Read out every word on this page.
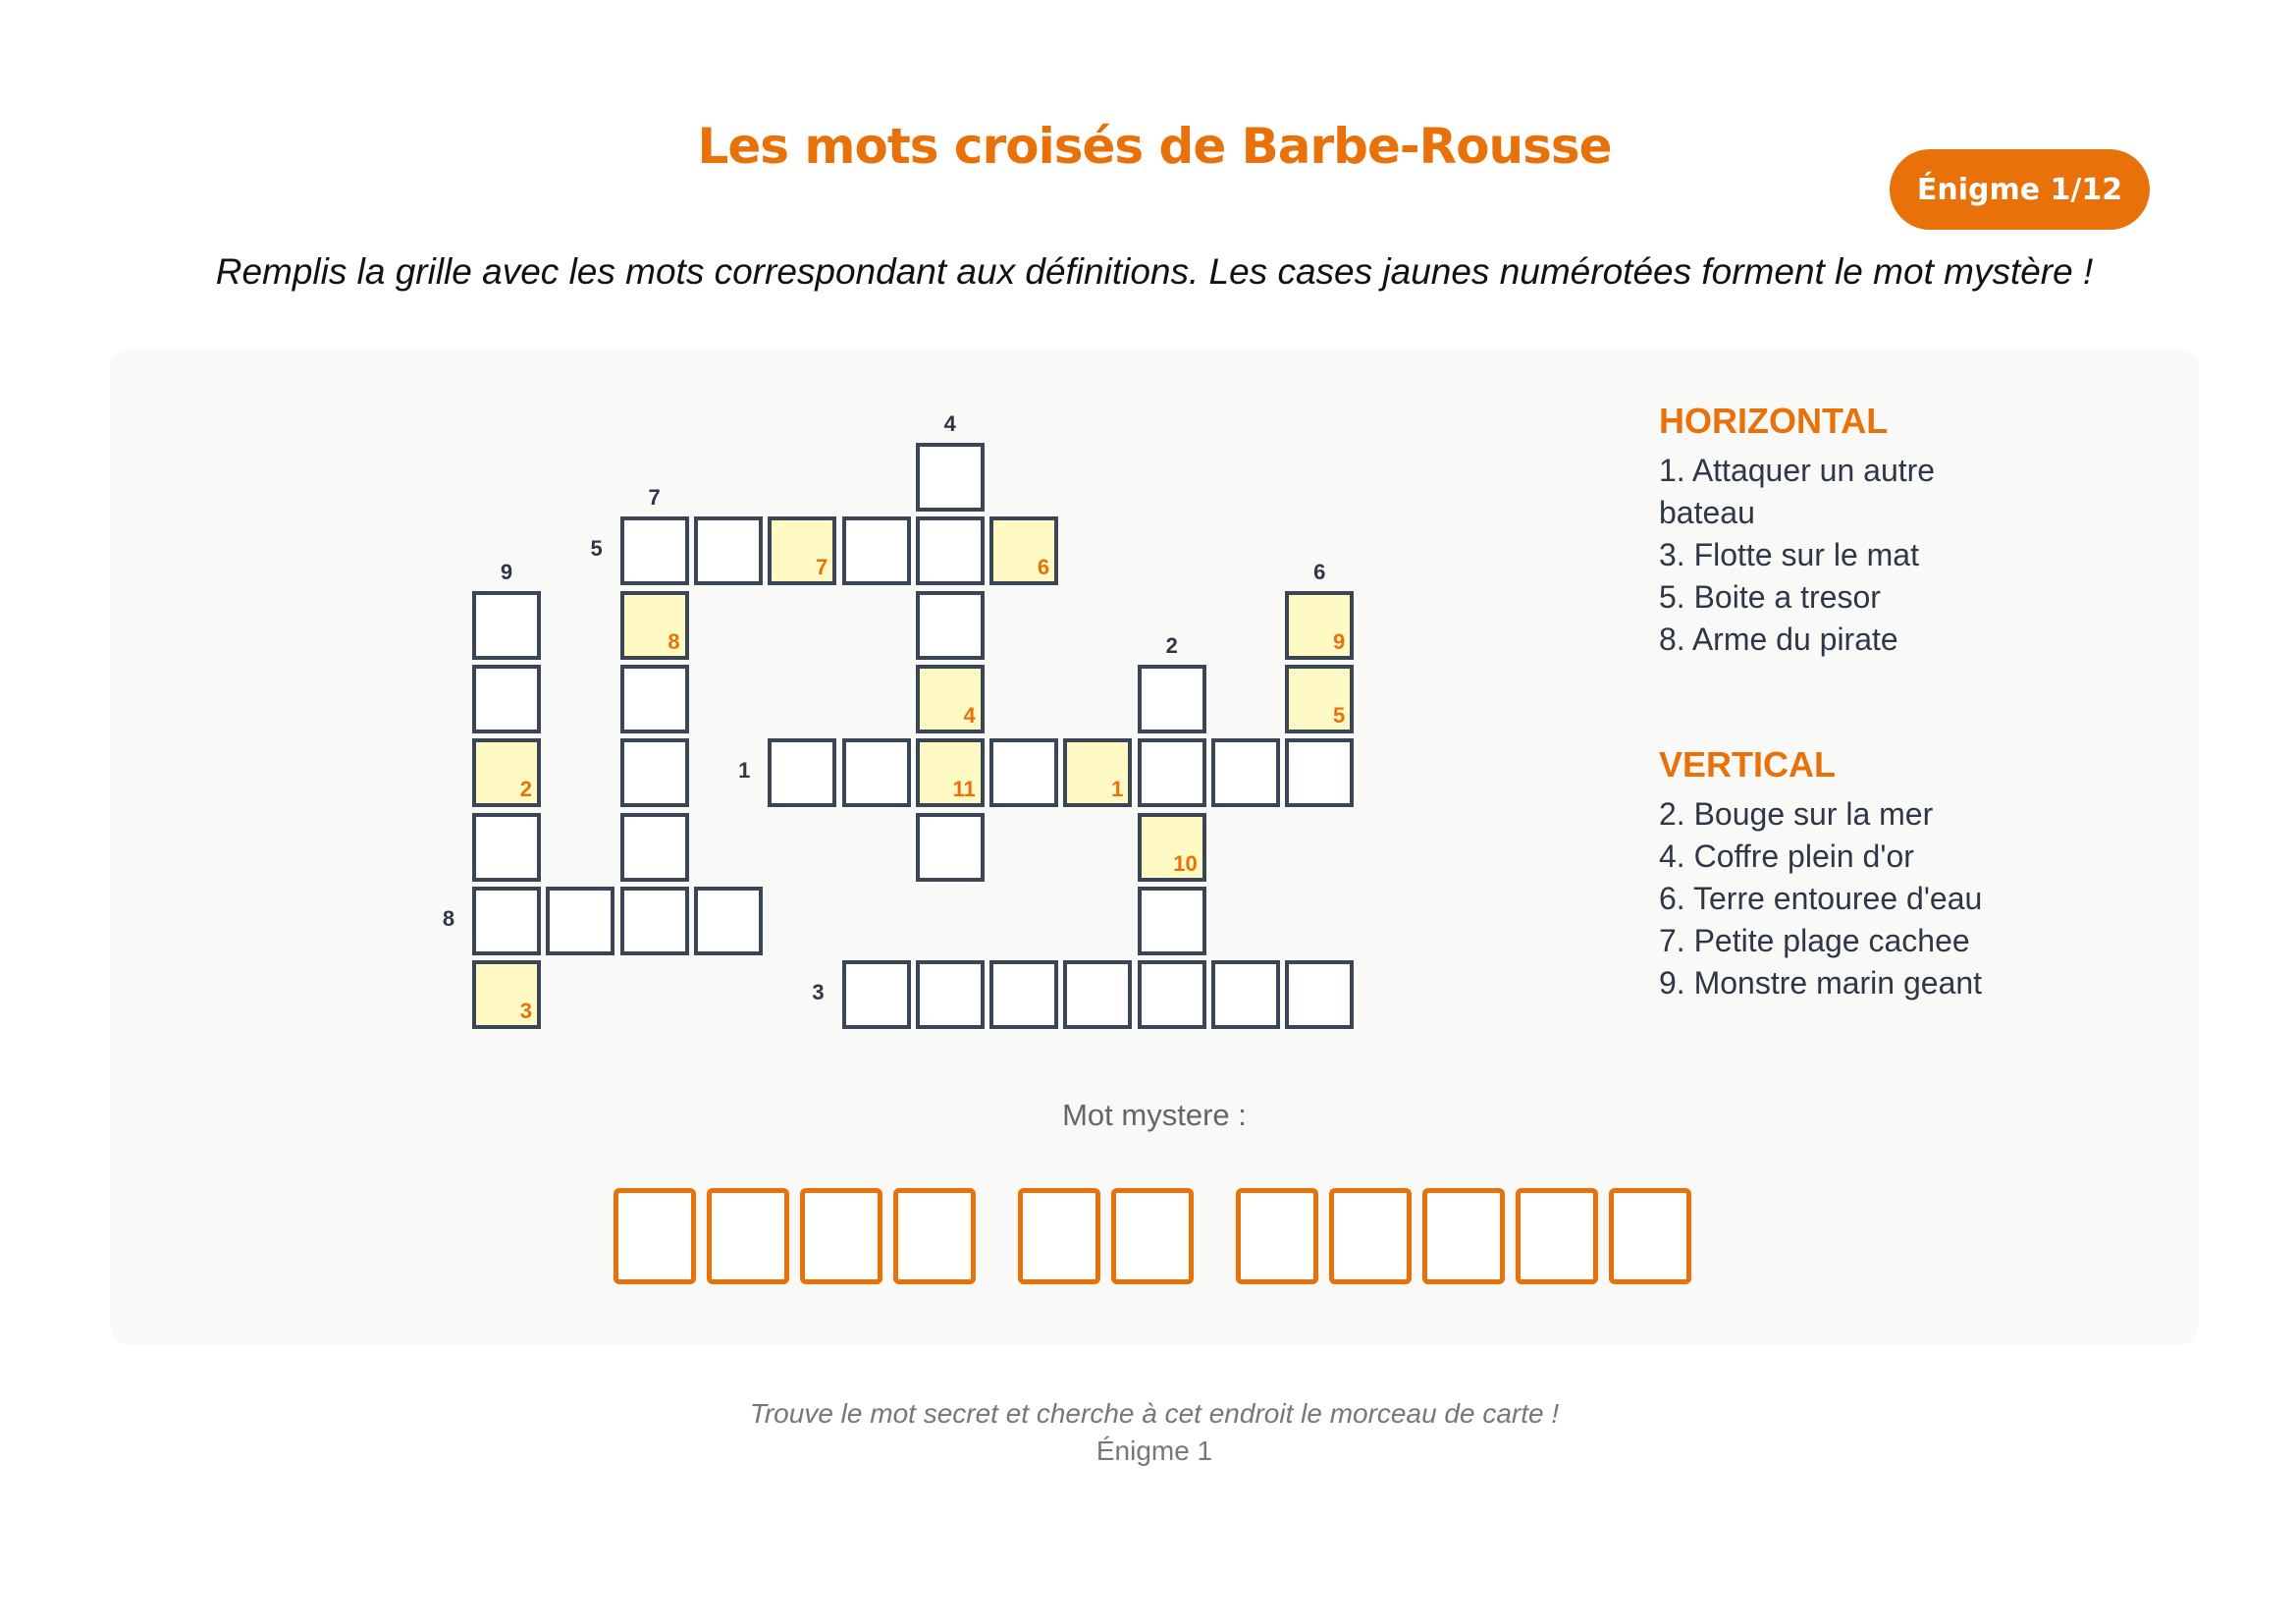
Les mots croisés de Barbe-Rousse
Énigme 1/12
Remplis la grille avec les mots correspondant aux définitions. Les cases jaunes numérotées forment le mot mystère !
1
3
5
8
2
4
6
7
9
11	1
7	6
10
4
9
5
8
2
3
HORIZONTAL
1. Attaquer un autre bateau
3. Flotte sur le mat
5. Boite a tresor
8. Arme du pirate
VERTICAL
2. Bouge sur la mer
4. Coffre plein d'or
6. Terre entouree d'eau
7. Petite plage cachee
9. Monstre marin geant
Mot mystere :
Trouve le mot secret et cherche à cet endroit le morceau de carte !
Énigme 1
